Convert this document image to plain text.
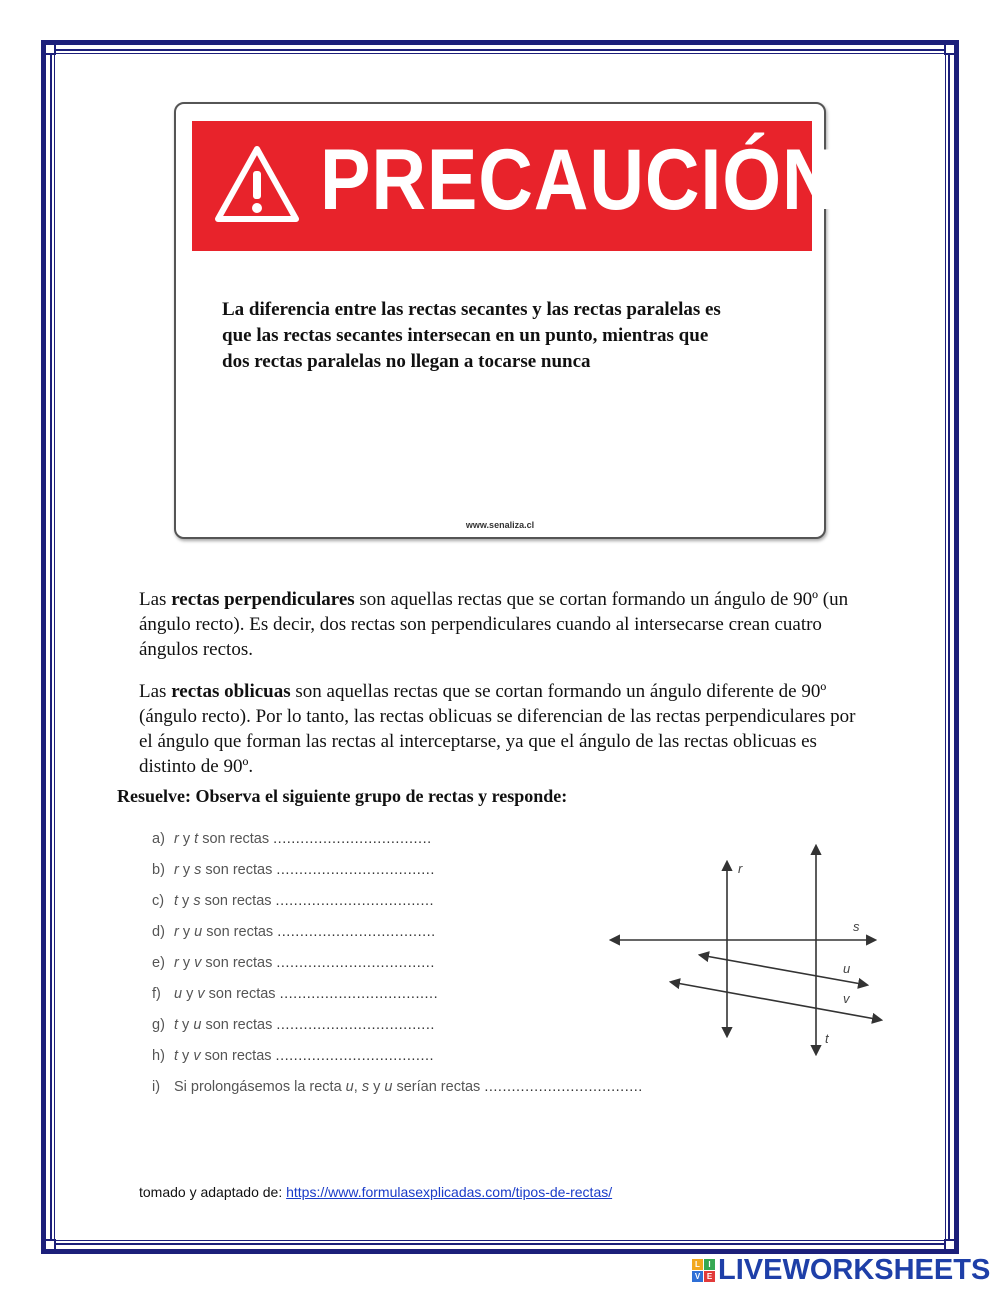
PRECAUCIÓN
La diferencia entre las rectas secantes y las rectas paralelas es
que las rectas secantes intersecan en un punto, mientras que
dos rectas paralelas no llegan a tocarse nunca
www.senaliza.cl
Las rectas perpendiculares son aquellas rectas que se cortan formando un ángulo de 90º (un ángulo recto). Es decir, dos rectas son perpendiculares cuando al intersecarse crean cuatro ángulos rectos.
Las rectas oblicuas son aquellas rectas que se cortan formando un ángulo diferente de 90º (ángulo recto). Por lo tanto, las rectas oblicuas se diferencian de las rectas perpendiculares por el ángulo que forman las rectas al interceptarse, ya que el ángulo de las rectas oblicuas es distinto de 90º.
Resuelve: Observa el siguiente grupo de rectas y responde:
a) r y t son rectas ...................................
b) r y s son rectas ...................................
c) t y s son rectas ...................................
d) r y u son rectas ...................................
e) r y v son rectas ...................................
f) u y v son rectas ...................................
g) t y u son rectas ...................................
h) t y v son rectas ...................................
i) Si prolongásemos la recta u, s y u serían rectas ...................................
r
s
u
v
t
tomado y adaptado de: https://www.formulasexplicadas.com/tipos-de-rectas/
L	I
V E LIVEWORKSHEETS
